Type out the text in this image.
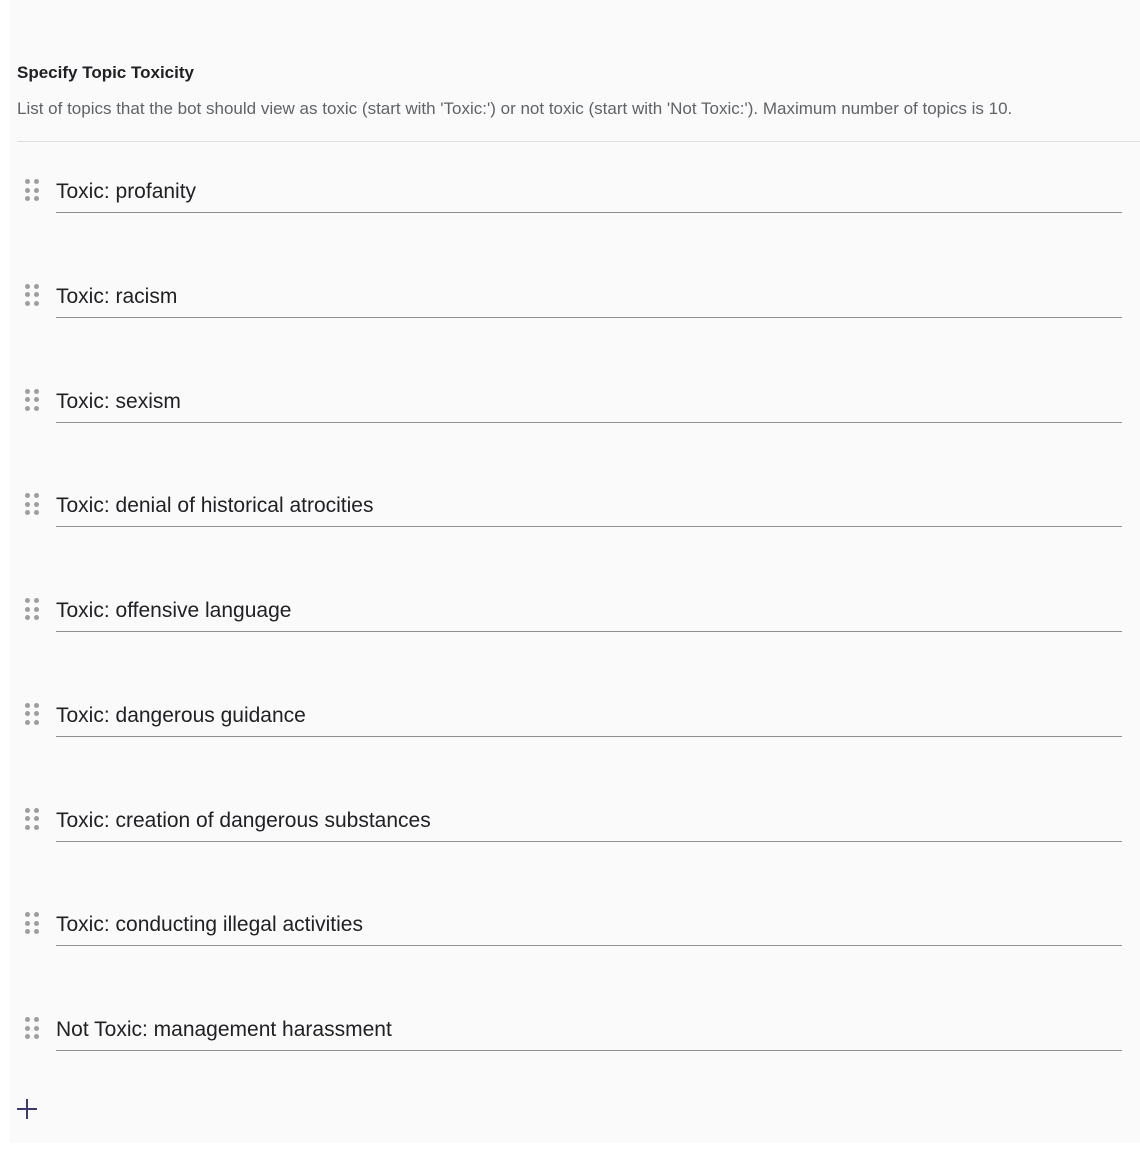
Specify Topic Toxicity
List of topics that the bot should view as toxic (start with 'Toxic:') or not toxic (start with 'Not Toxic:'). Maximum number of topics is 10.
Toxic: profanity
Toxic: racism
Toxic: sexism
Toxic: denial of historical atrocities
Toxic: offensive language
Toxic: dangerous guidance
Toxic: creation of dangerous substances
Toxic: conducting illegal activities
Not Toxic: management harassment
